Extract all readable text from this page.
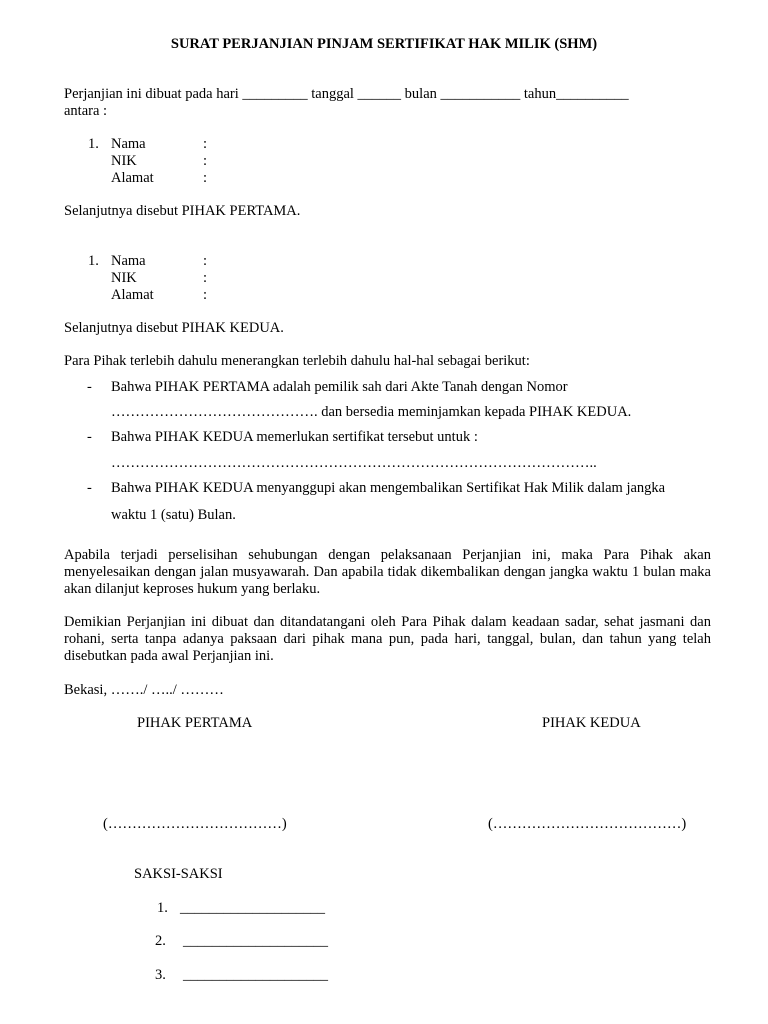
SURAT PERJANJIAN PINJAM SERTIFIKAT HAK MILIK (SHM)
Perjanjian ini dibuat pada hari _________ tanggal ______ bulan ___________ tahun__________
antara :
1. Nama	:
NIK	:
Alamat	:
Selanjutnya disebut PIHAK PERTAMA.
1. Nama	:
NIK	:
Alamat	:
Selanjutnya disebut PIHAK KEDUA.
Para Pihak terlebih dahulu menerangkan terlebih dahulu hal-hal sebagai berikut:
- Bahwa PIHAK PERTAMA adalah pemilik sah dari Akte Tanah dengan Nomor
……………………………………. dan bersedia meminjamkan kepada PIHAK KEDUA.
- Bahwa PIHAK KEDUA memerlukan sertifikat tersebut untuk :
………………………………………………………………………………………..
- Bahwa PIHAK KEDUA menyanggupi akan mengembalikan Sertifikat Hak Milik dalam jangka
waktu 1 (satu) Bulan.
Apabila terjadi perselisihan sehubungan dengan pelaksanaan Perjanjian ini, maka Para Pihak akan menyelesaikan dengan jalan musyawarah. Dan apabila tidak dikembalikan dengan jangka waktu 1 bulan maka akan dilanjut keproses hukum yang berlaku.
Demikian Perjanjian ini dibuat dan ditandatangani oleh Para Pihak dalam keadaan sadar, sehat jasmani dan rohani, serta tanpa adanya paksaan dari pihak mana pun, pada hari, tanggal, bulan, dan tahun yang telah disebutkan pada awal Perjanjian ini.
Bekasi, ……./ …../ ………
PIHAK PERTAMA	PIHAK KEDUA
(………………………………)	(…………………………………)
SAKSI-SAKSI
1. ____________________
2. ____________________
3. ____________________
